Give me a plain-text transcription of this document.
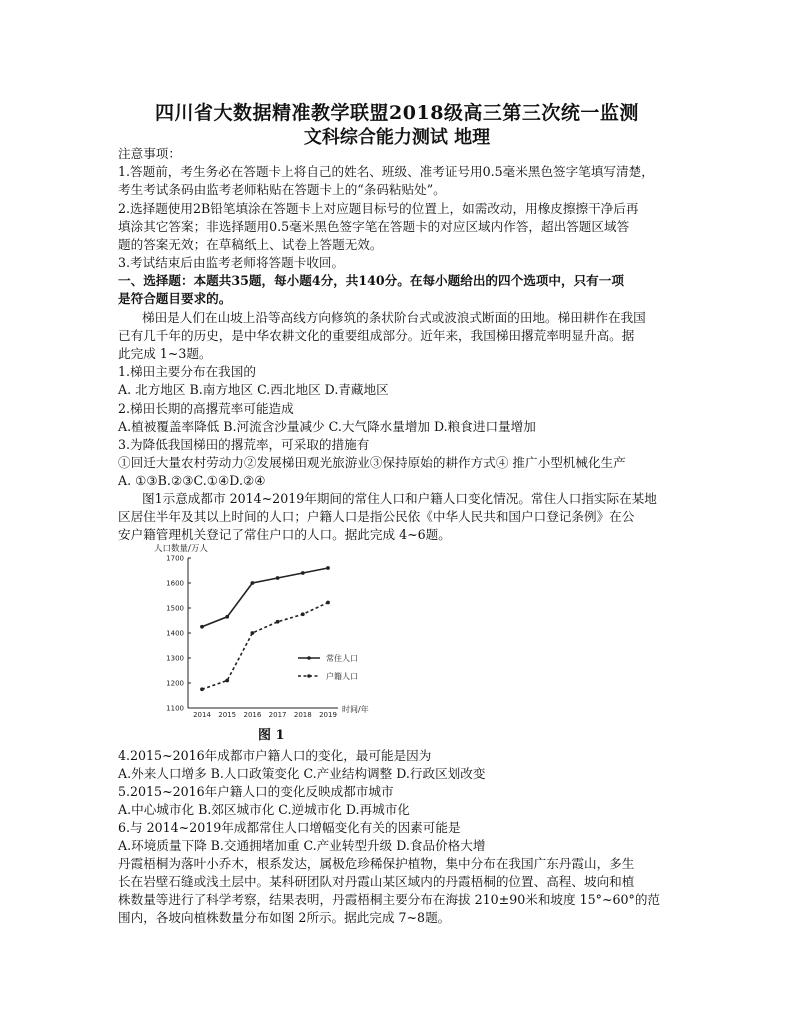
四川省大数据精准教学联盟2018级高三第三次统一监测
文科综合能力测试 地理
注意事项：
1.答题前，考生务必在答题卡上将自己的姓名、班级、准考证号用0.5毫米黑色签字笔填写清楚，
考生考试条码由监考老师粘贴在答题卡上的“条码粘贴处”。
2.选择题使用2B铅笔填涂在答题卡上对应题目标号的位置上，如需改动，用橡皮擦擦干净后再
填涂其它答案；非选择题用0.5毫米黑色签字笔在答题卡的对应区域内作答，超出答题区域答
题的答案无效；在草稿纸上、试卷上答题无效。
3.考试结束后由监考老师将答题卡收回。
一、选择题：本题共35题，每小题4分，共140分。在每小题给出的四个选项中，只有一项
是符合题目要求的。
梯田是人们在山坡上沿等高线方向修筑的条状阶台式或波浪式断面的田地。梯田耕作在我国
已有几千年的历史，是中华农耕文化的重要组成部分。近年来，我国梯田撂荒率明显升高。据
此完成 1~3题。
1.梯田主要分布在我国的
A. 北方地区 B.南方地区 C.西北地区 D.青藏地区
2.梯田长期的高撂荒率可能造成
A.植被覆盖率降低 B.河流含沙量减少 C.大气降水量增加 D.粮食进口量增加
3.为降低我国梯田的撂荒率，可采取的措施有
①回迁大量农村劳动力②发展梯田观光旅游业③保持原始的耕作方式④ 推广小型机械化生产
A. ①③B.②③C.①④D.②④
图1示意成都市 2014~2019年期间的常住人口和户籍人口变化情况。常住人口指实际在某地
区居住半年及其以上时间的人口；户籍人口是指公民依《中华人民共和国户口登记条例》在公
安户籍管理机关登记了常住户口的人口。据此完成 4~6题。
人口数量/万人
时间/年
1100
1200
1300
1400
1500
1600
1700
2014 2015 2016 2017 2018 2019
常住人口
户籍人口
图 1
4.2015~2016年成都市户籍人口的变化，最可能是因为
A.外来人口增多 B.人口政策变化 C.产业结构调整 D.行政区划改变
5.2015~2016年户籍人口的变化反映成都市城市
A.中心城市化 B.郊区城市化 C.逆城市化 D.再城市化
6.与 2014~2019年成都常住人口增幅变化有关的因素可能是
A.环境质量下降 B.交通拥堵加重 C.产业转型升级 D.食品价格大增
丹霞梧桐为落叶小乔木，根系发达，属极危珍稀保护植物，集中分布在我国广东丹霞山，多生
长在岩壁石缝或浅土层中。某科研团队对丹霞山某区域内的丹霞梧桐的位置、高程、坡向和植
株数量等进行了科学考察，结果表明，丹霞梧桐主要分布在海拔 210±90米和坡度 15°~60°的范
围内，各坡向植株数量分布如图 2所示。据此完成 7~8题。
